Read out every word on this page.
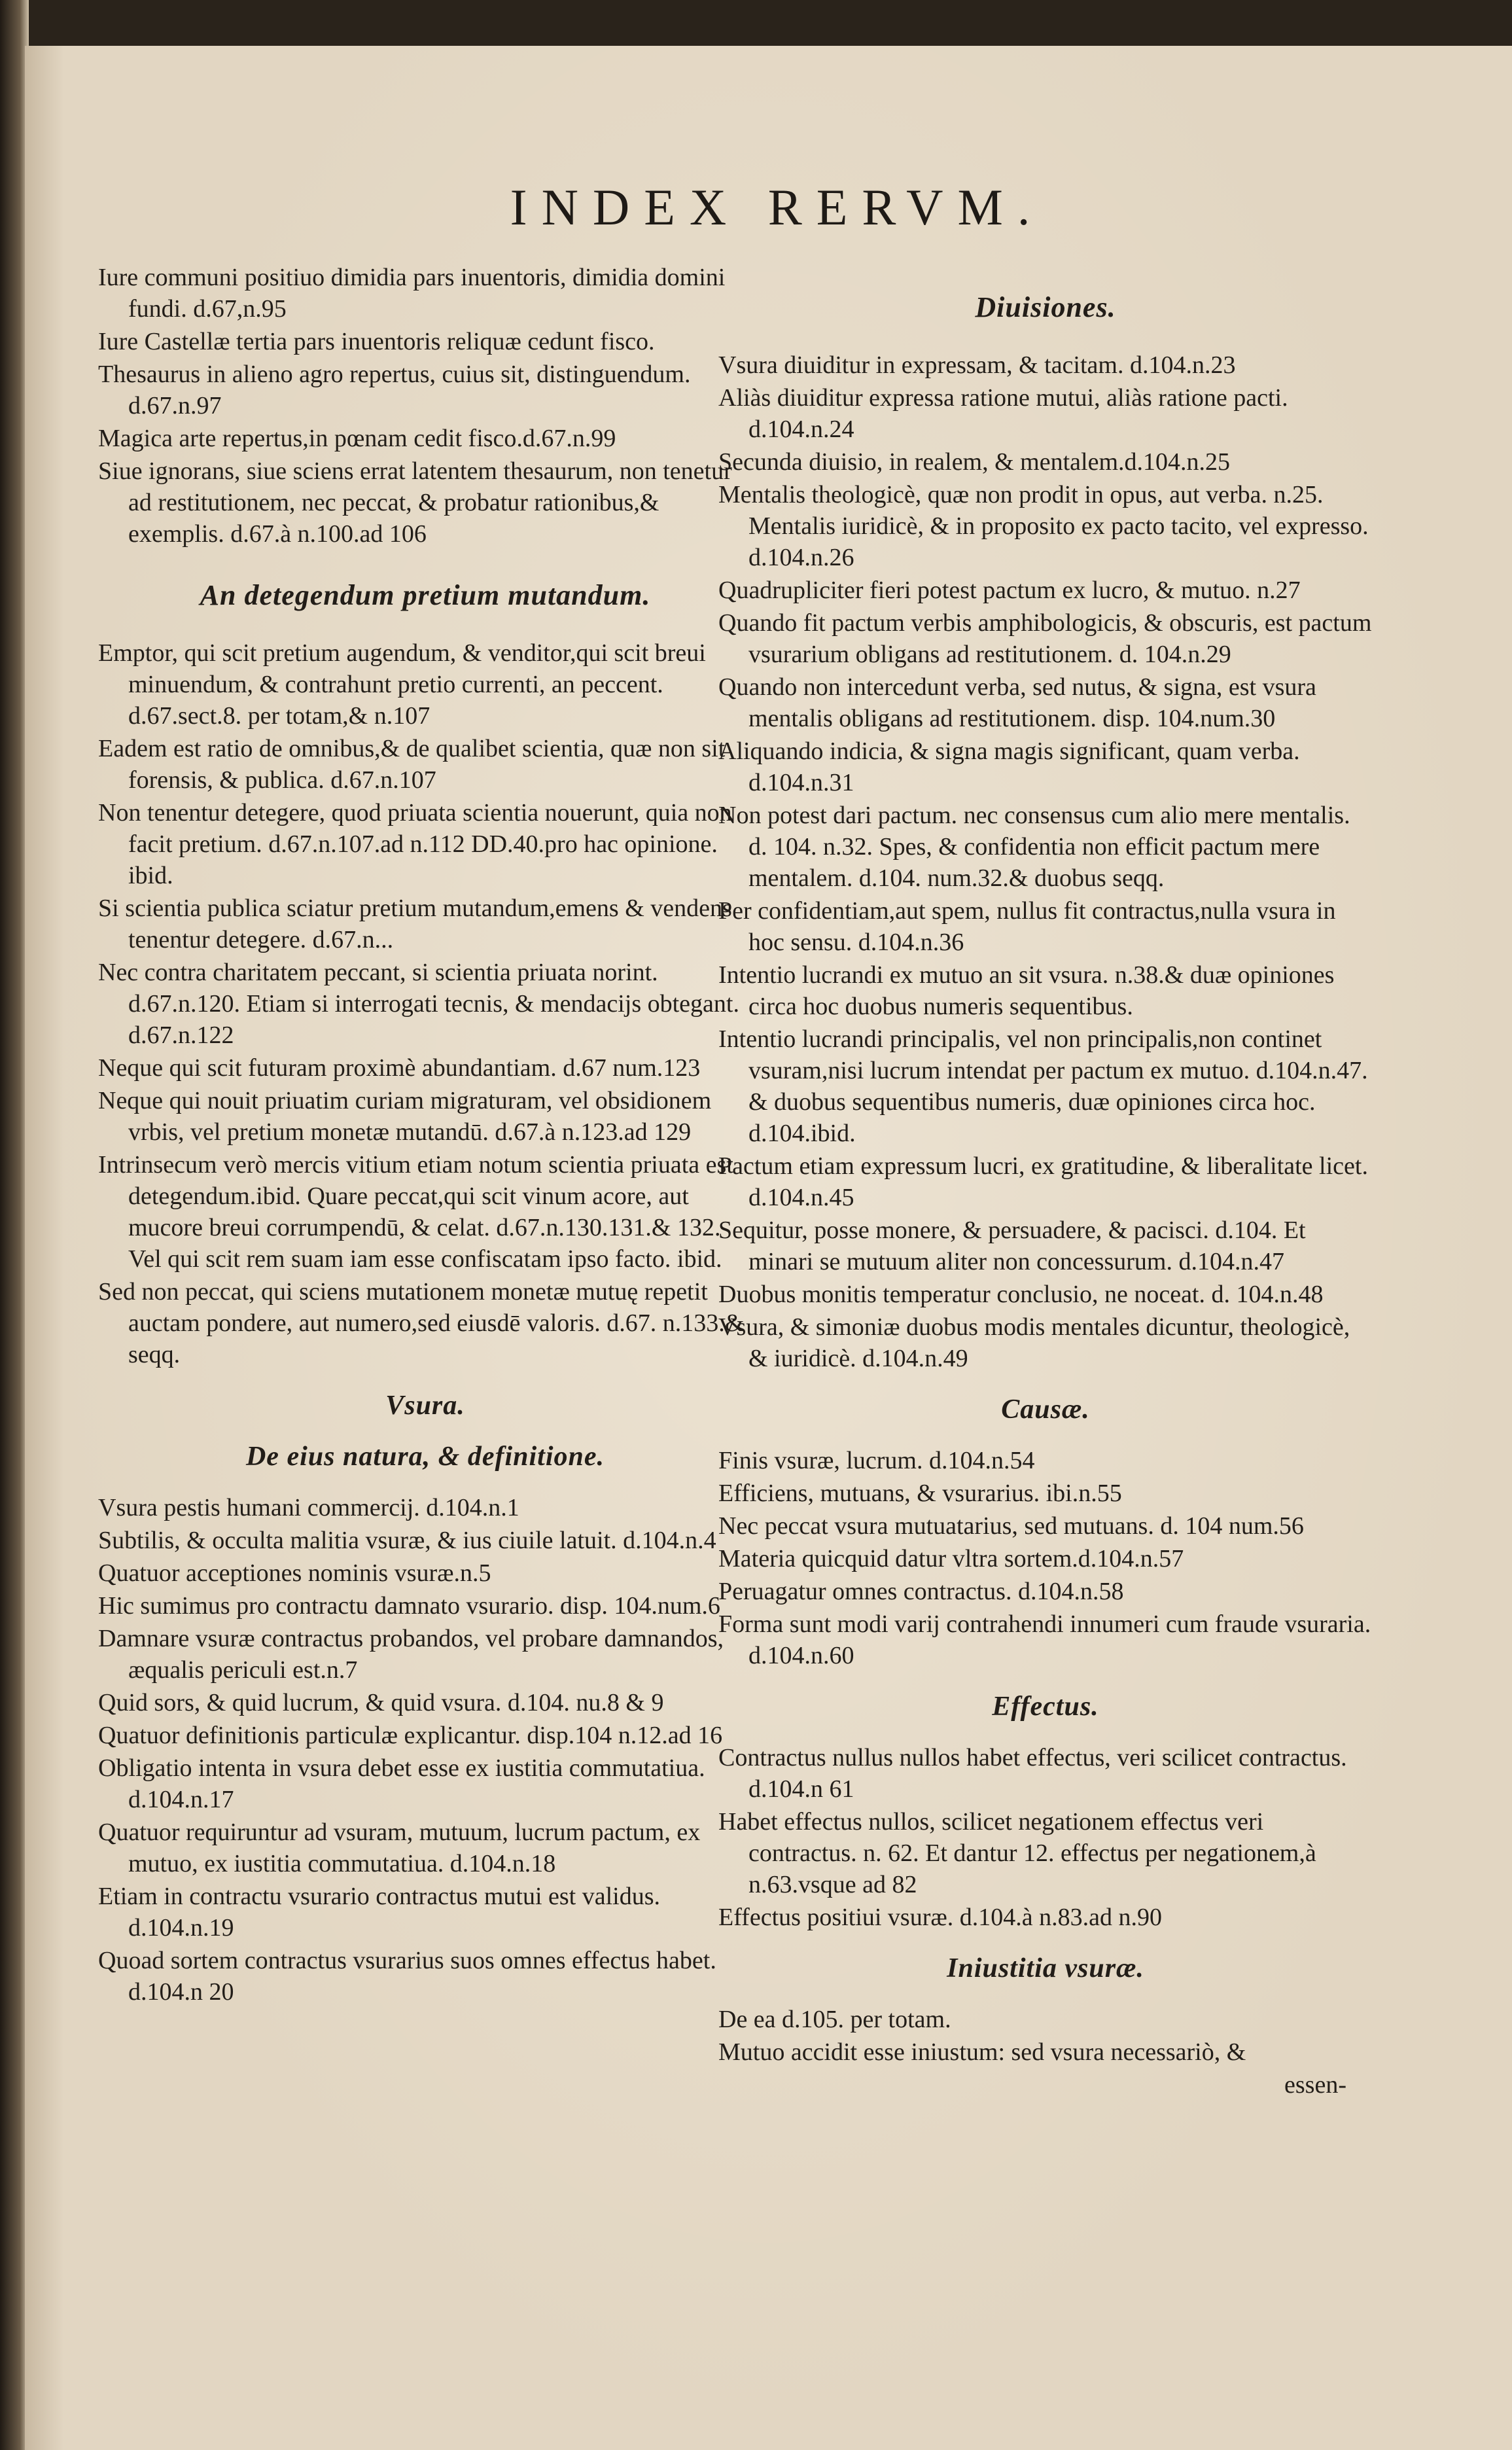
INDEX RERVM.

Iure communi positiuo dimidia pars inuentoris, dimidia domini fundi. d.67,n.95

Iure Castellæ tertia pars inuentoris reliquæ cedunt fisco.

Thesaurus in alieno agro repertus, cuius sit, distinguendum. d.67.n.97

Magica arte repertus,in pœnam cedit fisco.d.67.n.99

Siue ignorans, siue sciens errat latentem thesaurum, non tenetur ad restitutionem, nec peccat, & probatur rationibus,& exemplis. d.67.à n.100.ad 106

An detegendum pretium mutandum.

Emptor, qui scit pretium augendum, & venditor,qui scit breui minuendum, & contrahunt pretio currenti, an peccent. d.67.sect.8. per totam,& n.107

Eadem est ratio de omnibus,& de qualibet scientia, quæ non sit forensis, & publica. d.67.n.107

Non tenentur detegere, quod priuata scientia nouerunt, quia non facit pretium. d.67.n.107.ad n.112 DD.40.pro hac opinione. ibid.

Si scientia publica sciatur pretium mutandum,emens & vendens tenentur detegere. d.67.n...

Nec contra charitatem peccant, si scientia priuata norint. d.67.n.120. Etiam si interrogati tecnis, & mendacijs obtegant. d.67.n.122

Neque qui scit futuram proximè abundantiam. d.67 num.123

Neque qui nouit priuatim curiam migraturam, vel obsidionem vrbis, vel pretium monetæ mutandū. d.67.à n.123.ad 129

Intrinsecum verò mercis vitium etiam notum scientia priuata est detegendum.ibid. Quare peccat,qui scit vinum acore, aut mucore breui corrumpendū, & celat. d.67.n.130.131.& 132. Vel qui scit rem suam iam esse confiscatam ipso facto. ibid.

Sed non peccat, qui sciens mutationem monetæ mutuę repetit auctam pondere, aut numero,sed eiusdē valoris. d.67. n.133.& seqq.

Vsura.
De eius natura, & definitione.

Vsura pestis humani commercij. d.104.n.1

Subtilis, & occulta malitia vsuræ, & ius ciuile latuit. d.104.n.4

Quatuor acceptiones nominis vsuræ.n.5

Hic sumimus pro contractu damnato vsurario. disp. 104.num.6

Damnare vsuræ contractus probandos, vel probare damnandos, æqualis periculi est.n.7

Quid sors, & quid lucrum, & quid vsura. d.104. nu.8 & 9

Quatuor definitionis particulæ explicantur. disp.104 n.12.ad 16

Obligatio intenta in vsura debet esse ex iustitia commutatiua. d.104.n.17

Quatuor requiruntur ad vsuram, mutuum, lucrum pactum, ex mutuo, ex iustitia commutatiua. d.104.n.18

Etiam in contractu vsurario contractus mutui est validus. d.104.n.19

Quoad sortem contractus vsurarius suos omnes effectus habet. d.104.n 20

Diuisiones.

Vsura diuiditur in expressam, & tacitam. d.104.n.23

Aliàs diuiditur expressa ratione mutui, aliàs ratione pacti. d.104.n.24

Secunda diuisio, in realem, & mentalem.d.104.n.25

Mentalis theologicè, quæ non prodit in opus, aut verba. n.25. Mentalis iuridicè, & in proposito ex pacto tacito, vel expresso. d.104.n.26

Quadrupliciter fieri potest pactum ex lucro, & mutuo. n.27

Quando fit pactum verbis amphibologicis, & obscuris, est pactum vsurarium obligans ad restitutionem. d. 104.n.29

Quando non intercedunt verba, sed nutus, & signa, est vsura mentalis obligans ad restitutionem. disp. 104.num.30

Aliquando indicia, & signa magis significant, quam verba. d.104.n.31

Non potest dari pactum. nec consensus cum alio mere mentalis. d. 104. n.32. Spes, & confidentia non efficit pactum mere mentalem. d.104. num.32.& duobus seqq.

Per confidentiam,aut spem, nullus fit contractus,nulla vsura in hoc sensu. d.104.n.36

Intentio lucrandi ex mutuo an sit vsura. n.38.& duæ opiniones circa hoc duobus numeris sequentibus.

Intentio lucrandi principalis, vel non principalis,non continet vsuram,nisi lucrum intendat per pactum ex mutuo. d.104.n.47. & duobus sequentibus numeris, duæ opiniones circa hoc. d.104.ibid.

Pactum etiam expressum lucri, ex gratitudine, & liberalitate licet. d.104.n.45

Sequitur, posse monere, & persuadere, & pacisci. d.104. Et minari se mutuum aliter non concessurum. d.104.n.47

Duobus monitis temperatur conclusio, ne noceat. d. 104.n.48

Vsura, & simoniæ duobus modis mentales dicuntur, theologicè, & iuridicè. d.104.n.49

Causæ.

Finis vsuræ, lucrum. d.104.n.54

Efficiens, mutuans, & vsurarius. ibi.n.55

Nec peccat vsura mutuatarius, sed mutuans. d. 104 num.56

Materia quicquid datur vltra sortem.d.104.n.57

Peruagatur omnes contractus. d.104.n.58

Forma sunt modi varij contrahendi innumeri cum fraude vsuraria. d.104.n.60

Effectus.

Contractus nullus nullos habet effectus, veri scilicet contractus. d.104.n 61

Habet effectus nullos, scilicet negationem effectus veri contractus. n. 62. Et dantur 12. effectus per negationem,à n.63.vsque ad 82

Effectus positiui vsuræ. d.104.à n.83.ad n.90

Iniustitia vsuræ.

De ea d.105. per totam.

Mutuo accidit esse iniustum: sed vsura necessariò, &

essen-
